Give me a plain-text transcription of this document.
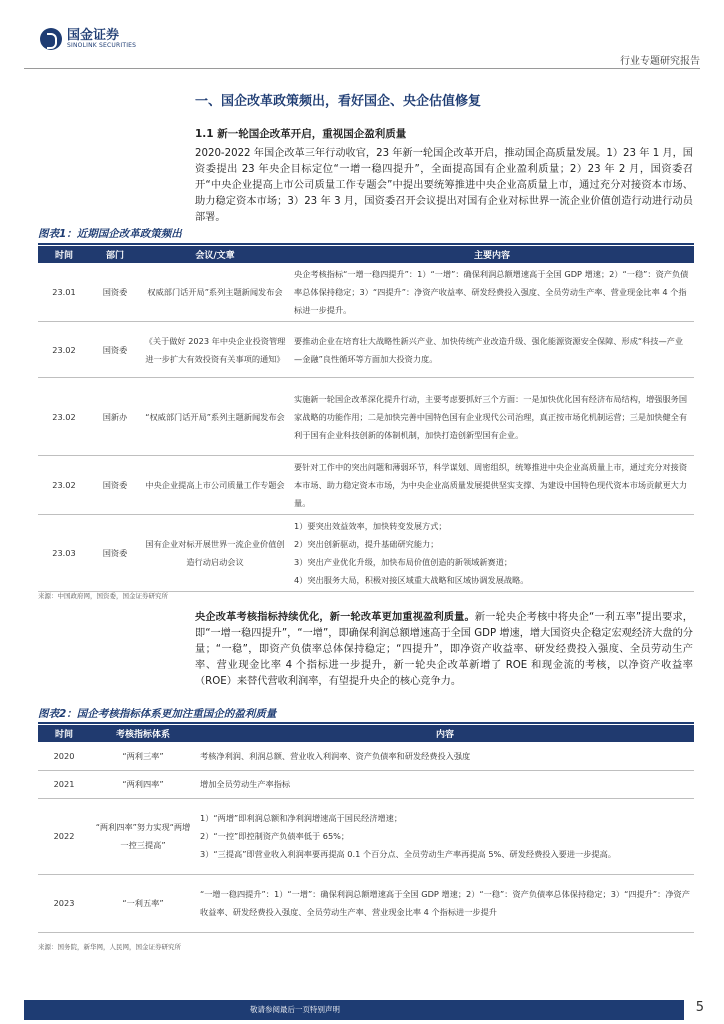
国金证券
SINOLINK SECURITIES
行业专题研究报告
一、国企改革政策频出，看好国企、央企估值修复
1.1 新一轮国企改革开启，重视国企盈利质量
2020-2022 年国企改革三年行动收官，23 年新一轮国企改革开启，推动国企高质量发展。1）23 年 1 月，国资委提出 23 年央企目标定位“一增一稳四提升”，全面提高国有企业盈利质量；2）23 年 2 月，国资委召开“中央企业提高上市公司质量工作专题会”中提出要统筹推进中央企业高质量上市，通过充分对接资本市场、助力稳定资本市场；3）23 年 3 月，国资委召开会议提出对国有企业对标世界一流企业价值创造行动进行动员部署。
图表1：近期国企改革政策频出
时间	部门	会议/文章	主要内容
23.01	国资委	权威部门话开局”系列主题新闻发布会	央企考核指标“一增一稳四提升”：1）“一增”：确保利润总额增速高于全国 GDP 增速；2）“一稳”：资产负债率总体保持稳定；3）“四提升”：净资产收益率、研发经费投入强度、全员劳动生产率、营业现金比率 4 个指标进一步提升。
23.02	国资委	《关于做好 2023 年中央企业投资管理 进一步扩大有效投资有关事项的通知》	要推动企业在培育壮大战略性新兴产业、加快传统产业改造升级、强化能源资源安全保障、形成“科技—产业—金融”良性循环等方面加大投资力度。
23.02	国新办	“权威部门话开局”系列主题新闻发布会	实施新一轮国企改革深化提升行动，主要考虑要抓好三个方面：一是加快优化国有经济布局结构，增强服务国家战略的功能作用；二是加快完善中国特色国有企业现代公司治理，真正按市场化机制运营；三是加快健全有利于国有企业科技创新的体制机制，加快打造创新型国有企业。
23.02	国资委	中央企业提高上市公司质量工作专题会	要针对工作中的突出问题和薄弱环节，科学谋划、周密组织，统筹推进中央企业高质量上市，通过充分对接资本市场、助力稳定资本市场，为中央企业高质量发展提供坚实支撑、为建设中国特色现代资本市场贡献更大力量。
23.03	国资委	国有企业对标开展世界一流企业价值创造行动启动会议	1）要突出效益效率，加快转变发展方式；
2）突出创新驱动，提升基础研究能力；
3）突出产业优化升级，加快布局价值创造的新领域新赛道；
4）突出服务大局，积极对接区域重大战略和区域协调发展战略。
来源：中国政府网，国资委，国金证券研究所
央企改革考核指标持续优化，新一轮改革更加重视盈利质量。新一轮央企考核中将央企“一利五率”提出要求，即“一增一稳四提升”，“一增”，即确保利润总额增速高于全国 GDP 增速，增大国资央企稳定宏观经济大盘的分量；“一稳”，即资产负债率总体保持稳定；“四提升”，即净资产收益率、研发经费投入强度、全员劳动生产率、营业现金比率 4 个指标进一步提升，新一轮央企改革新增了 ROE 和现金流的考核，以净资产收益率（ROE）来替代营收利润率，有望提升央企的核心竞争力。
图表2：国企考核指标体系更加注重国企的盈利质量
时间	考核指标体系	内容
2020	“两利三率”	考核净利润、利润总额、营业收入利润率、资产负债率和研发经费投入强度
2021	“两利四率”	增加全员劳动生产率指标
2022	“两利四率”努力实现“两增一控三提高”	1）“两增”即利润总额和净利润增速高于国民经济增速；
2）“一控”即控制资产负债率低于 65%；
3）“三提高”即营业收入利润率要再提高 0.1 个百分点、全员劳动生产率再提高 5%、研发经费投入要进一步提高。

2023	“一利五率”	“一增一稳四提升”：1）“一增”：确保利润总额增速高于全国 GDP 增速；2）“一稳”：资产负债率总体保持稳定；3）“四提升”：净资产收益率、研发经费投入强度、全员劳动生产率、营业现金比率 4 个指标进一步提升
来源：国务院，新华网，人民网，国金证券研究所
敬请参阅最后一页特别声明	5
